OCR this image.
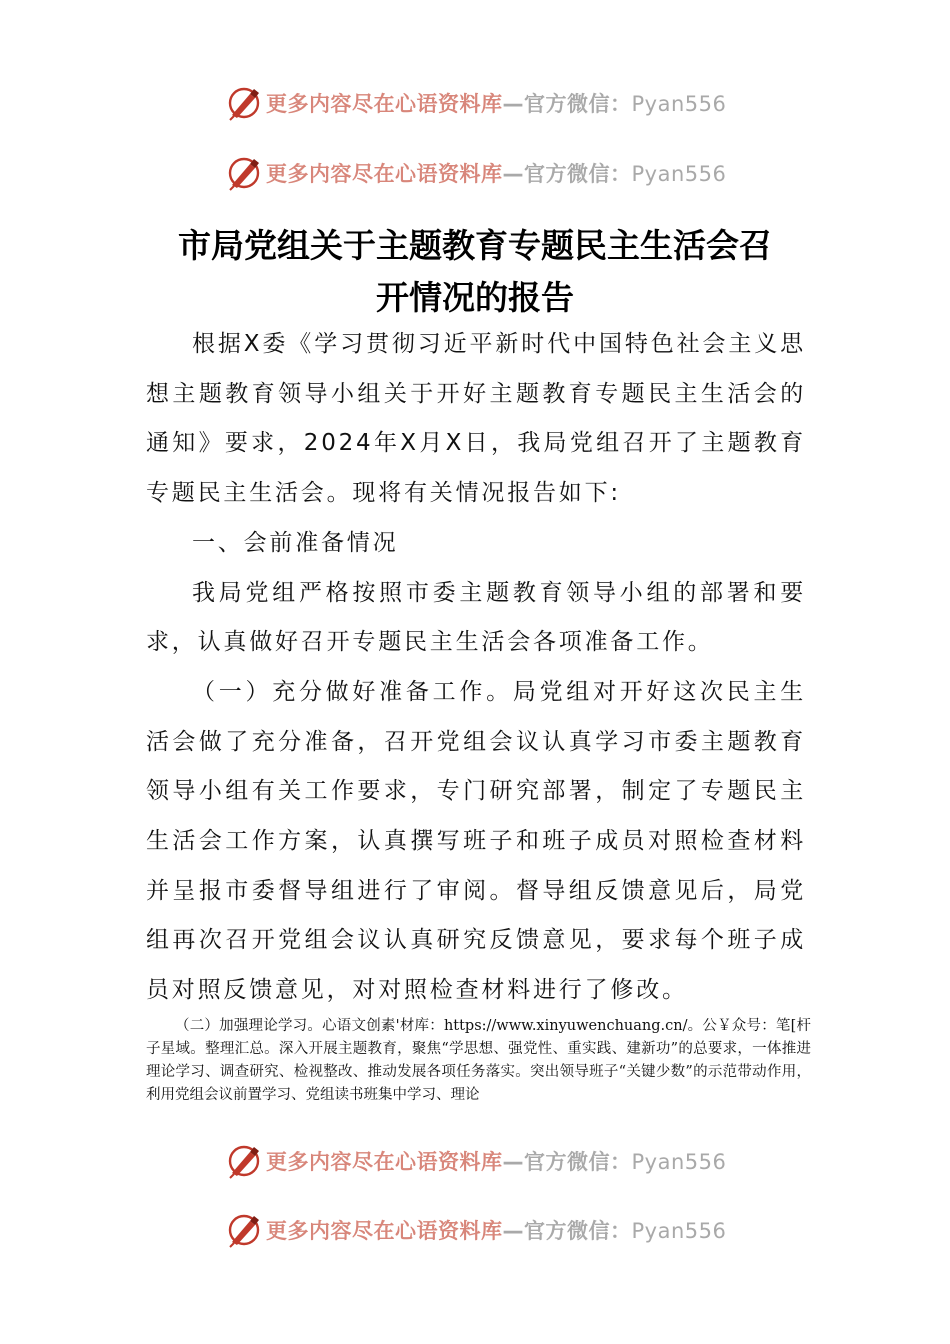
更多内容尽在心语资料库—官方微信：Pyan556
更多内容尽在心语资料库—官方微信：Pyan556
市局党组关于主题教育专题民主生活会召
开情况的报告

根据X委《学习贯彻习近平新时代中国特色社会主义思想主题教育领导小组关于开好主题教育专题民主生活会的通知》要求，2024年X月X日，我局党组召开了主题教育专题民主生活会。现将有关情况报告如下:

一、会前准备情况

我局党组严格按照市委主题教育领导小组的部署和要求，认真做好召开专题民主生活会各项准备工作。

（一）充分做好准备工作。局党组对开好这次民主生活会做了充分准备，召开党组会议认真学习市委主题教育领导小组有关工作要求，专门研究部署，制定了专题民主生活会工作方案，认真撰写班子和班子成员对照检查材料并呈报市委督导组进行了审阅。督导组反馈意见后，局党组再次召开党组会议认真研究反馈意见，要求每个班子成员对照反馈意见，对对照检查材料进行了修改。

（二）加强理论学习。心语文创素'材库：https://www.xinyuwenchuang.cn/。公￥众号：笔[杆子星域。整理汇总。深入开展主题教育，聚焦“学思想、强党性、重实践、建新功”的总要求，一体推进理论学习、调查研究、检视整改、推动发展各项任务落实。突出领导班子“关键少数”的示范带动作用，利用党组会议前置学习、党组读书班集中学习、理论

更多内容尽在心语资料库—官方微信：Pyan556
更多内容尽在心语资料库—官方微信：Pyan556
